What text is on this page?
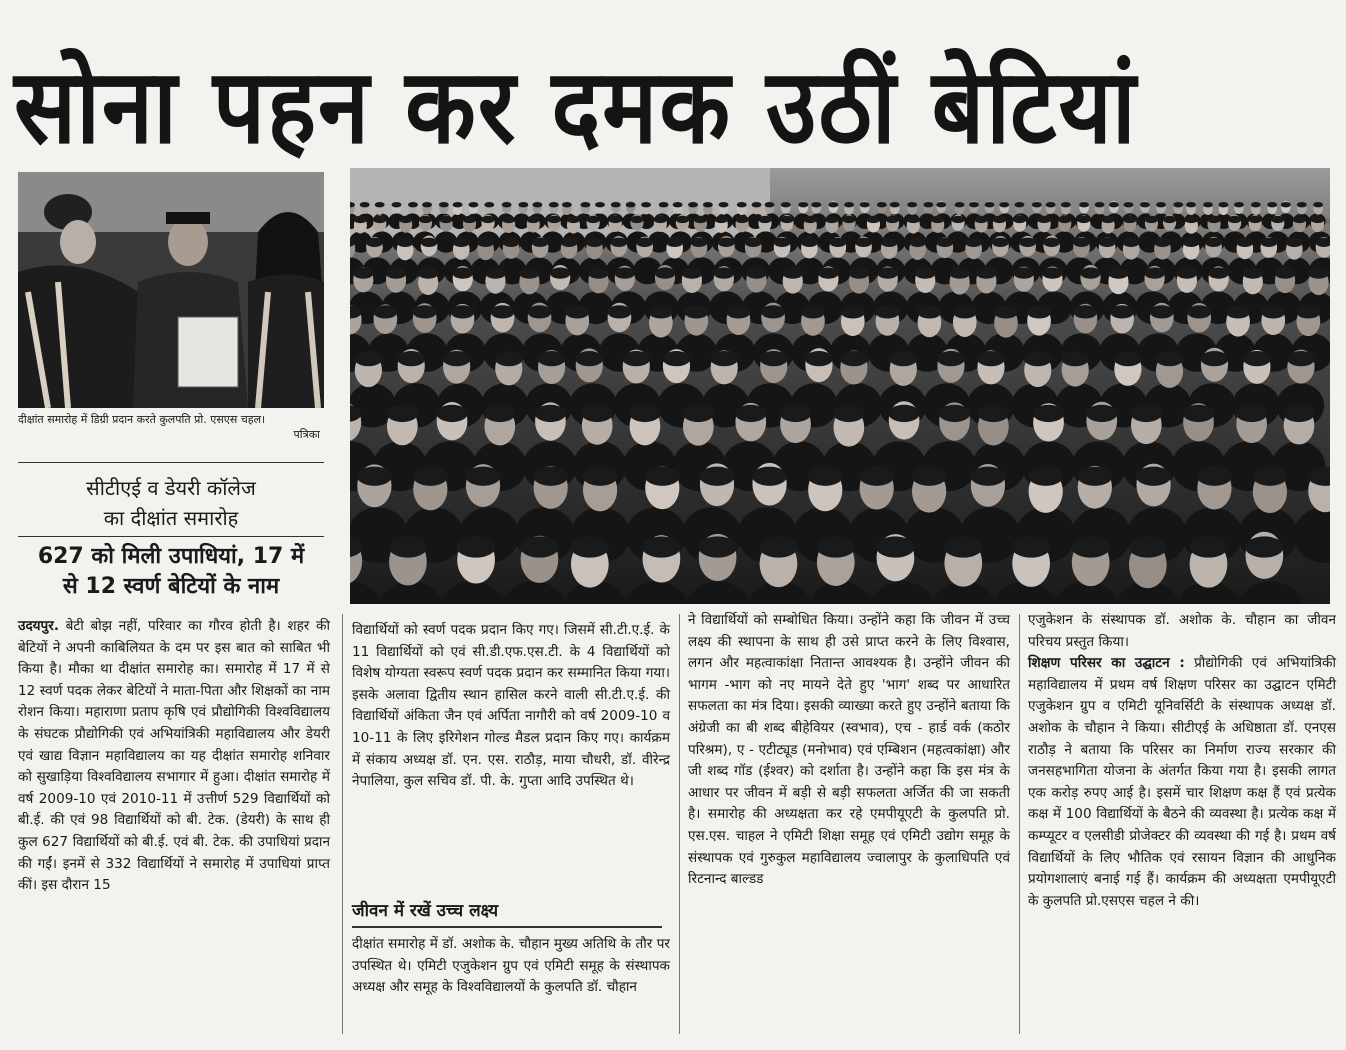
सोना पहन कर दमक उठीं बेटियां
दीक्षांत समारोह में डिग्री प्रदान करते कुलपति प्रो. एसएस चहल।
पत्रिका
सीटीएई व डेयरी कॉलेज
का दीक्षांत समारोह
627 को मिली उपाधियां, 17 में
से 12 स्वर्ण बेटियों के नाम

उदयपुर. बेटी बोझ नहीं, परिवार का गौरव होती है। शहर की बेटियों ने अपनी काबिलियत के दम पर इस बात को साबित भी किया है। मौका था दीक्षांत समारोह का। समारोह में 17 में से 12 स्वर्ण पदक लेकर बेटियों ने माता-पिता और शिक्षकों का नाम रोशन किया। महाराणा प्रताप कृषि एवं प्रौद्योगिकी विश्वविद्यालय के संघटक प्रौद्योगिकी एवं अभियांत्रिकी महाविद्यालय और डेयरी एवं खाद्य विज्ञान महाविद्यालय का यह दीक्षांत समारोह शनिवार को सुखाड़िया विश्वविद्यालय सभागार में हुआ। दीक्षांत समारोह में वर्ष 2009-10 एवं 2010-11 में उत्तीर्ण 529 विद्यार्थियों को बी.ई. की एवं 98 विद्यार्थियों को बी. टेक. (डेयरी) के साथ ही कुल 627 विद्यार्थियों को बी.ई. एवं बी. टेक. की उपाधियां प्रदान की गईं। इनमें से 332 विद्यार्थियों ने समारोह में उपाधियां प्राप्त कीं। इस दौरान 15

विद्यार्थियों को स्वर्ण पदक प्रदान किए गए। जिसमें सी.टी.ए.ई. के 11 विद्यार्थियों को एवं सी.डी.एफ.एस.टी. के 4 विद्यार्थियों को विशेष योग्यता स्वरूप स्वर्ण पदक प्रदान कर सम्मानित किया गया। इसके अलावा द्वितीय स्थान हासिल करने वाली सी.टी.ए.ई. की विद्यार्थियों अंकिता जैन एवं अर्पिता नागौरी को वर्ष 2009-10 व 10-11 के लिए इरिगेशन गोल्ड मैडल प्रदान किए गए। कार्यक्रम में संकाय अध्यक्ष डॉ. एन. एस. राठौड़, माया चौधरी, डॉ. वीरेन्द्र नेपालिया, कुल सचिव डॉ. पी. के. गुप्ता आदि उपस्थित थे।

जीवन में रखें उच्च लक्ष्य

दीक्षांत समारोह में डॉ. अशोक के. चौहान मुख्य अतिथि के तौर पर उपस्थित थे। एमिटी एजुकेशन ग्रुप एवं एमिटी समूह के संस्थापक अध्यक्ष और समूह के विश्वविद्यालयों के कुलपति डॉ. चौहान

ने विद्यार्थियों को सम्बोधित किया। उन्होंने कहा कि जीवन में उच्च लक्ष्य की स्थापना के साथ ही उसे प्राप्त करने के लिए विश्वास, लगन और महत्वाकांक्षा नितान्त आवश्यक है। उन्होंने जीवन की भागम -भाग को नए मायने देते हुए 'भाग' शब्द पर आधारित सफलता का मंत्र दिया। इसकी व्याख्या करते हुए उन्होंने बताया कि अंग्रेजी का बी शब्द बीहेवियर (स्वभाव), एच - हार्ड वर्क (कठोर परिश्रम), ए - एटीट्यूड (मनोभाव) एवं एम्बिशन (महत्वकांक्षा) और जी शब्द गॉड (ईश्वर) को दर्शाता है। उन्होंने कहा कि इस मंत्र के आधार पर जीवन में बड़ी से बड़ी सफलता अर्जित की जा सकती है। समारोह की अध्यक्षता कर रहे एमपीयूएटी के कुलपति प्रो. एस.एस. चाहल ने एमिटी शिक्षा समूह एवं एमिटी उद्योग समूह के संस्थापक एवं गुरुकुल महाविद्यालय ज्वालापुर के कुलाधिपति एवं रिटनान्द बाल्डड

एजुकेशन के संस्थापक डॉ. अशोक के. चौहान का जीवन परिचय प्रस्तुत किया।

शिक्षण परिसर का उद्घाटन : प्रौद्योगिकी एवं अभियांत्रिकी महाविद्यालय में प्रथम वर्ष शिक्षण परिसर का उद्घाटन एमिटी एजुकेशन ग्रुप व एमिटी यूनिवर्सिटी के संस्थापक अध्यक्ष डॉ. अशोक के चौहान ने किया। सीटीएई के अधिष्ठाता डॉ. एनएस राठौड़ ने बताया कि परिसर का निर्माण राज्य सरकार की जनसहभागिता योजना के अंतर्गत किया गया है। इसकी लागत एक करोड़ रुपए आई है। इसमें चार शिक्षण कक्ष हैं एवं प्रत्येक कक्ष में 100 विद्यार्थियों के बैठने की व्यवस्था है। प्रत्येक कक्ष में कम्प्यूटर व एलसीडी प्रोजेक्टर की व्यवस्था की गई है। प्रथम वर्ष विद्यार्थियों के लिए भौतिक एवं रसायन विज्ञान की आधुनिक प्रयोगशालाएं बनाई गई हैं। कार्यक्रम की अध्यक्षता एमपीयूएटी के कुलपति प्रो.एसएस चहल ने की।
